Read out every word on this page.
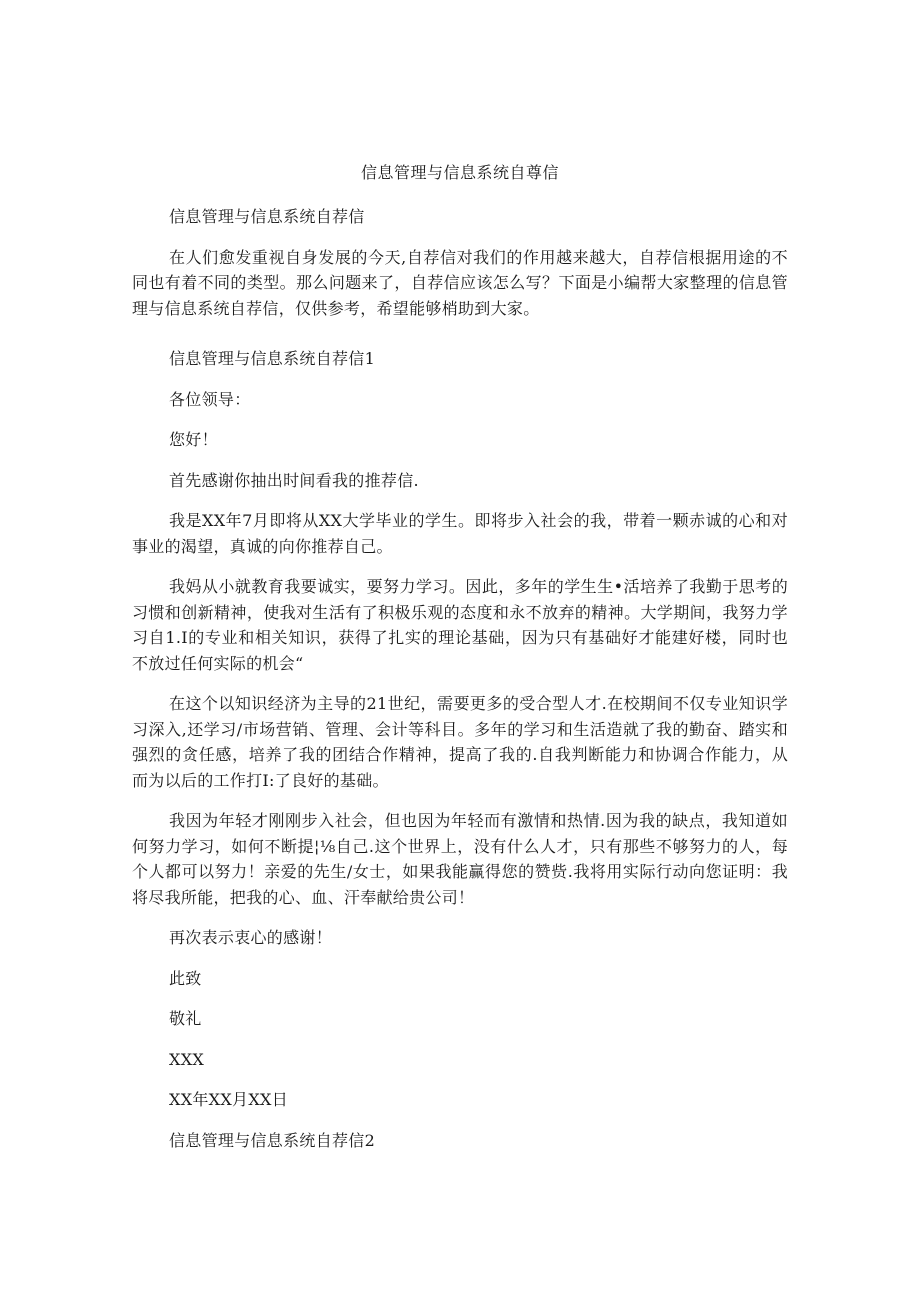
信息管理与信息系统自尊信

信息管理与信息系统自荐信

在人们愈发重视自身发展的今天,自荐信对我们的作用越来越大，自荐信根据用途的不同也有着不同的类型。那么问题来了，自荐信应该怎么写？下面是小编帮大家整理的信息管理与信息系统自荐信，仅供参考，希望能够梢助到大家。

信息管理与信息系统自荐信1

各位领导：

您好！

首先感谢你抽出时间看我的推荐信.

我是XX年7月即将从XX大学毕业的学生。即将步入社会的我，带着一颗赤诚的心和对事业的渴望，真诚的向你推荐自己。

我妈从小就教育我要诚实，要努力学习。因此，多年的学生生•活培养了我勤于思考的习惯和创新精神，使我对生活有了积极乐观的态度和永不放弃的精神。大学期间，我努力学习自1.I的专业和相关知识，获得了扎实的理论基础，因为只有基础好才能建好楼，同时也不放过任何实际的机会“

在这个以知识经济为主导的21世纪，需要更多的受合型人才.在校期间不仅专业知识学习深入,还学习/市场营销、管理、会计等科目。多年的学习和生活造就了我的勤奋、踏实和强烈的贪任感，培养了我的团结合作精神，提高了我的.自我判断能力和协调合作能力，从而为以后的工作打I:了良好的基础。

我因为年轻才刚刚步入社会，但也因为年轻而有激情和热情.因为我的缺点，我知道如何努力学习，如何不断提¦⅛自己.这个世界上，没有什么人才，只有那些不够努力的人，每个人都可以努力！亲爱的先生/女士，如果我能赢得您的赞赀.我将用实际行动向您证明：我将尽我所能，把我的心、血、汗奉献给贵公司！

再次表示衷心的感谢！

此致

敬礼

XXX

XX年XX月XX日

信息管理与信息系统自荐信2
